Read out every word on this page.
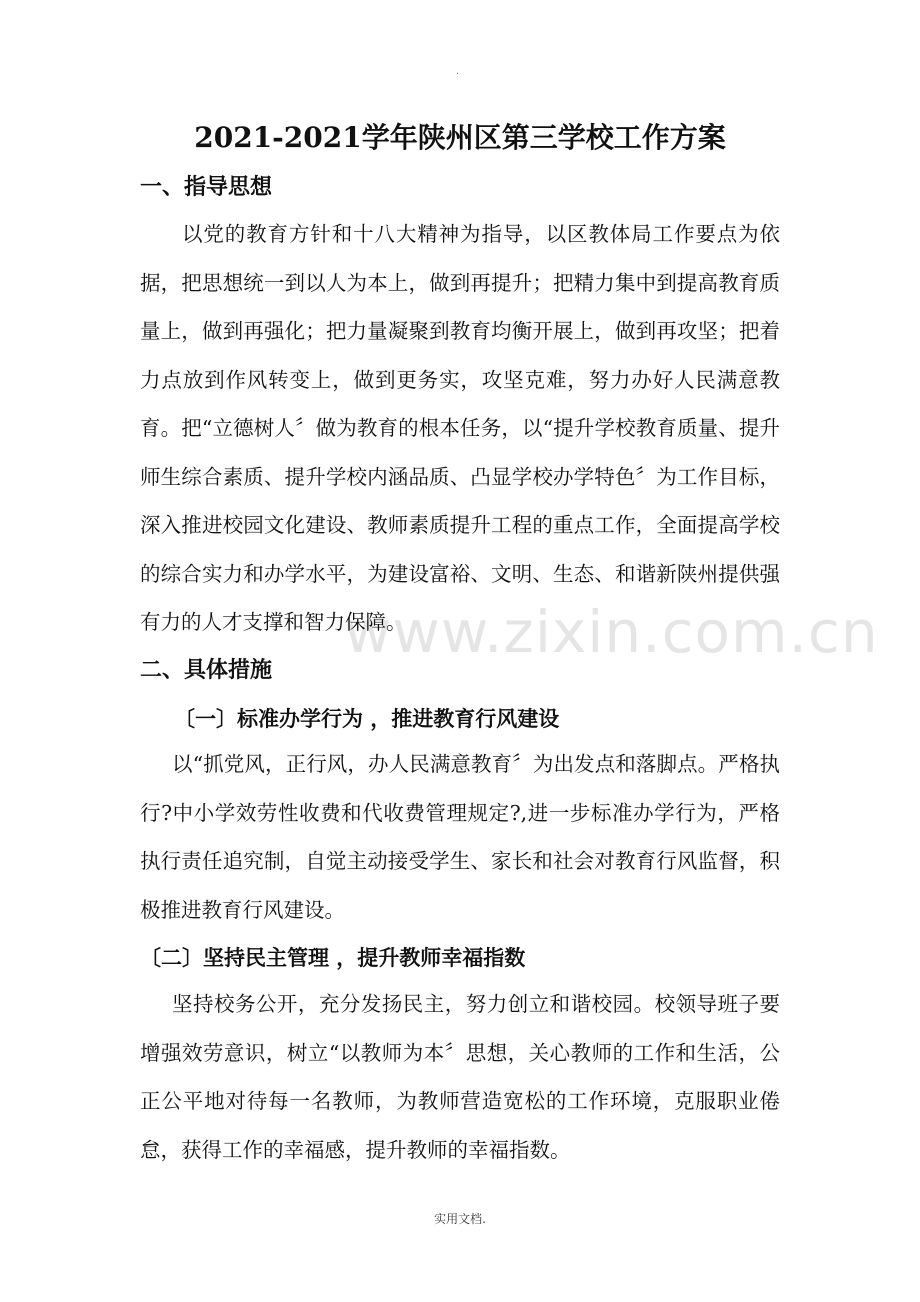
.
2021-2021学年陕州区第三学校工作方案
一、指导思想

以党的教育方针和十八大精神为指导，以区教体局工作要点为依据，把思想统一到以人为本上，做到再提升；把精力集中到提高教育质量上，做到再强化；把力量凝聚到教育均衡开展上，做到再攻坚；把着力点放到作风转变上，做到更务实，攻坚克难，努力办好人民满意教育。把“立德树人〞做为教育的根本任务，以“提升学校教育质量、提升师生综合素质、提升学校内涵品质、凸显学校办学特色〞为工作目标，深入推进校园文化建设、教师素质提升工程的重点工作，全面提高学校的综合实力和办学水平，为建设富裕、文明、生态、和谐新陕州提供强有力的人才支撑和智力保障。

二、具体措施
〔一〕标准办学行为 ，推进教育行风建设

以“抓党风，正行风，办人民满意教育〞为出发点和落脚点。严格执行?中小学效劳性收费和代收费管理规定?,进一步标准办学行为，严格执行责任追究制，自觉主动接受学生、家长和社会对教育行风监督，积极推进教育行风建设。

〔二〕坚持民主管理 ，提升教师幸福指数

坚持校务公开，充分发扬民主，努力创立和谐校园。校领导班子要增强效劳意识，树立“以教师为本〞思想，关心教师的工作和生活，公正公平地对待每一名教师，为教师营造宽松的工作环境，克服职业倦怠，获得工作的幸福感，提升教师的幸福指数。

www.zixin.com.cn
实用文档.
